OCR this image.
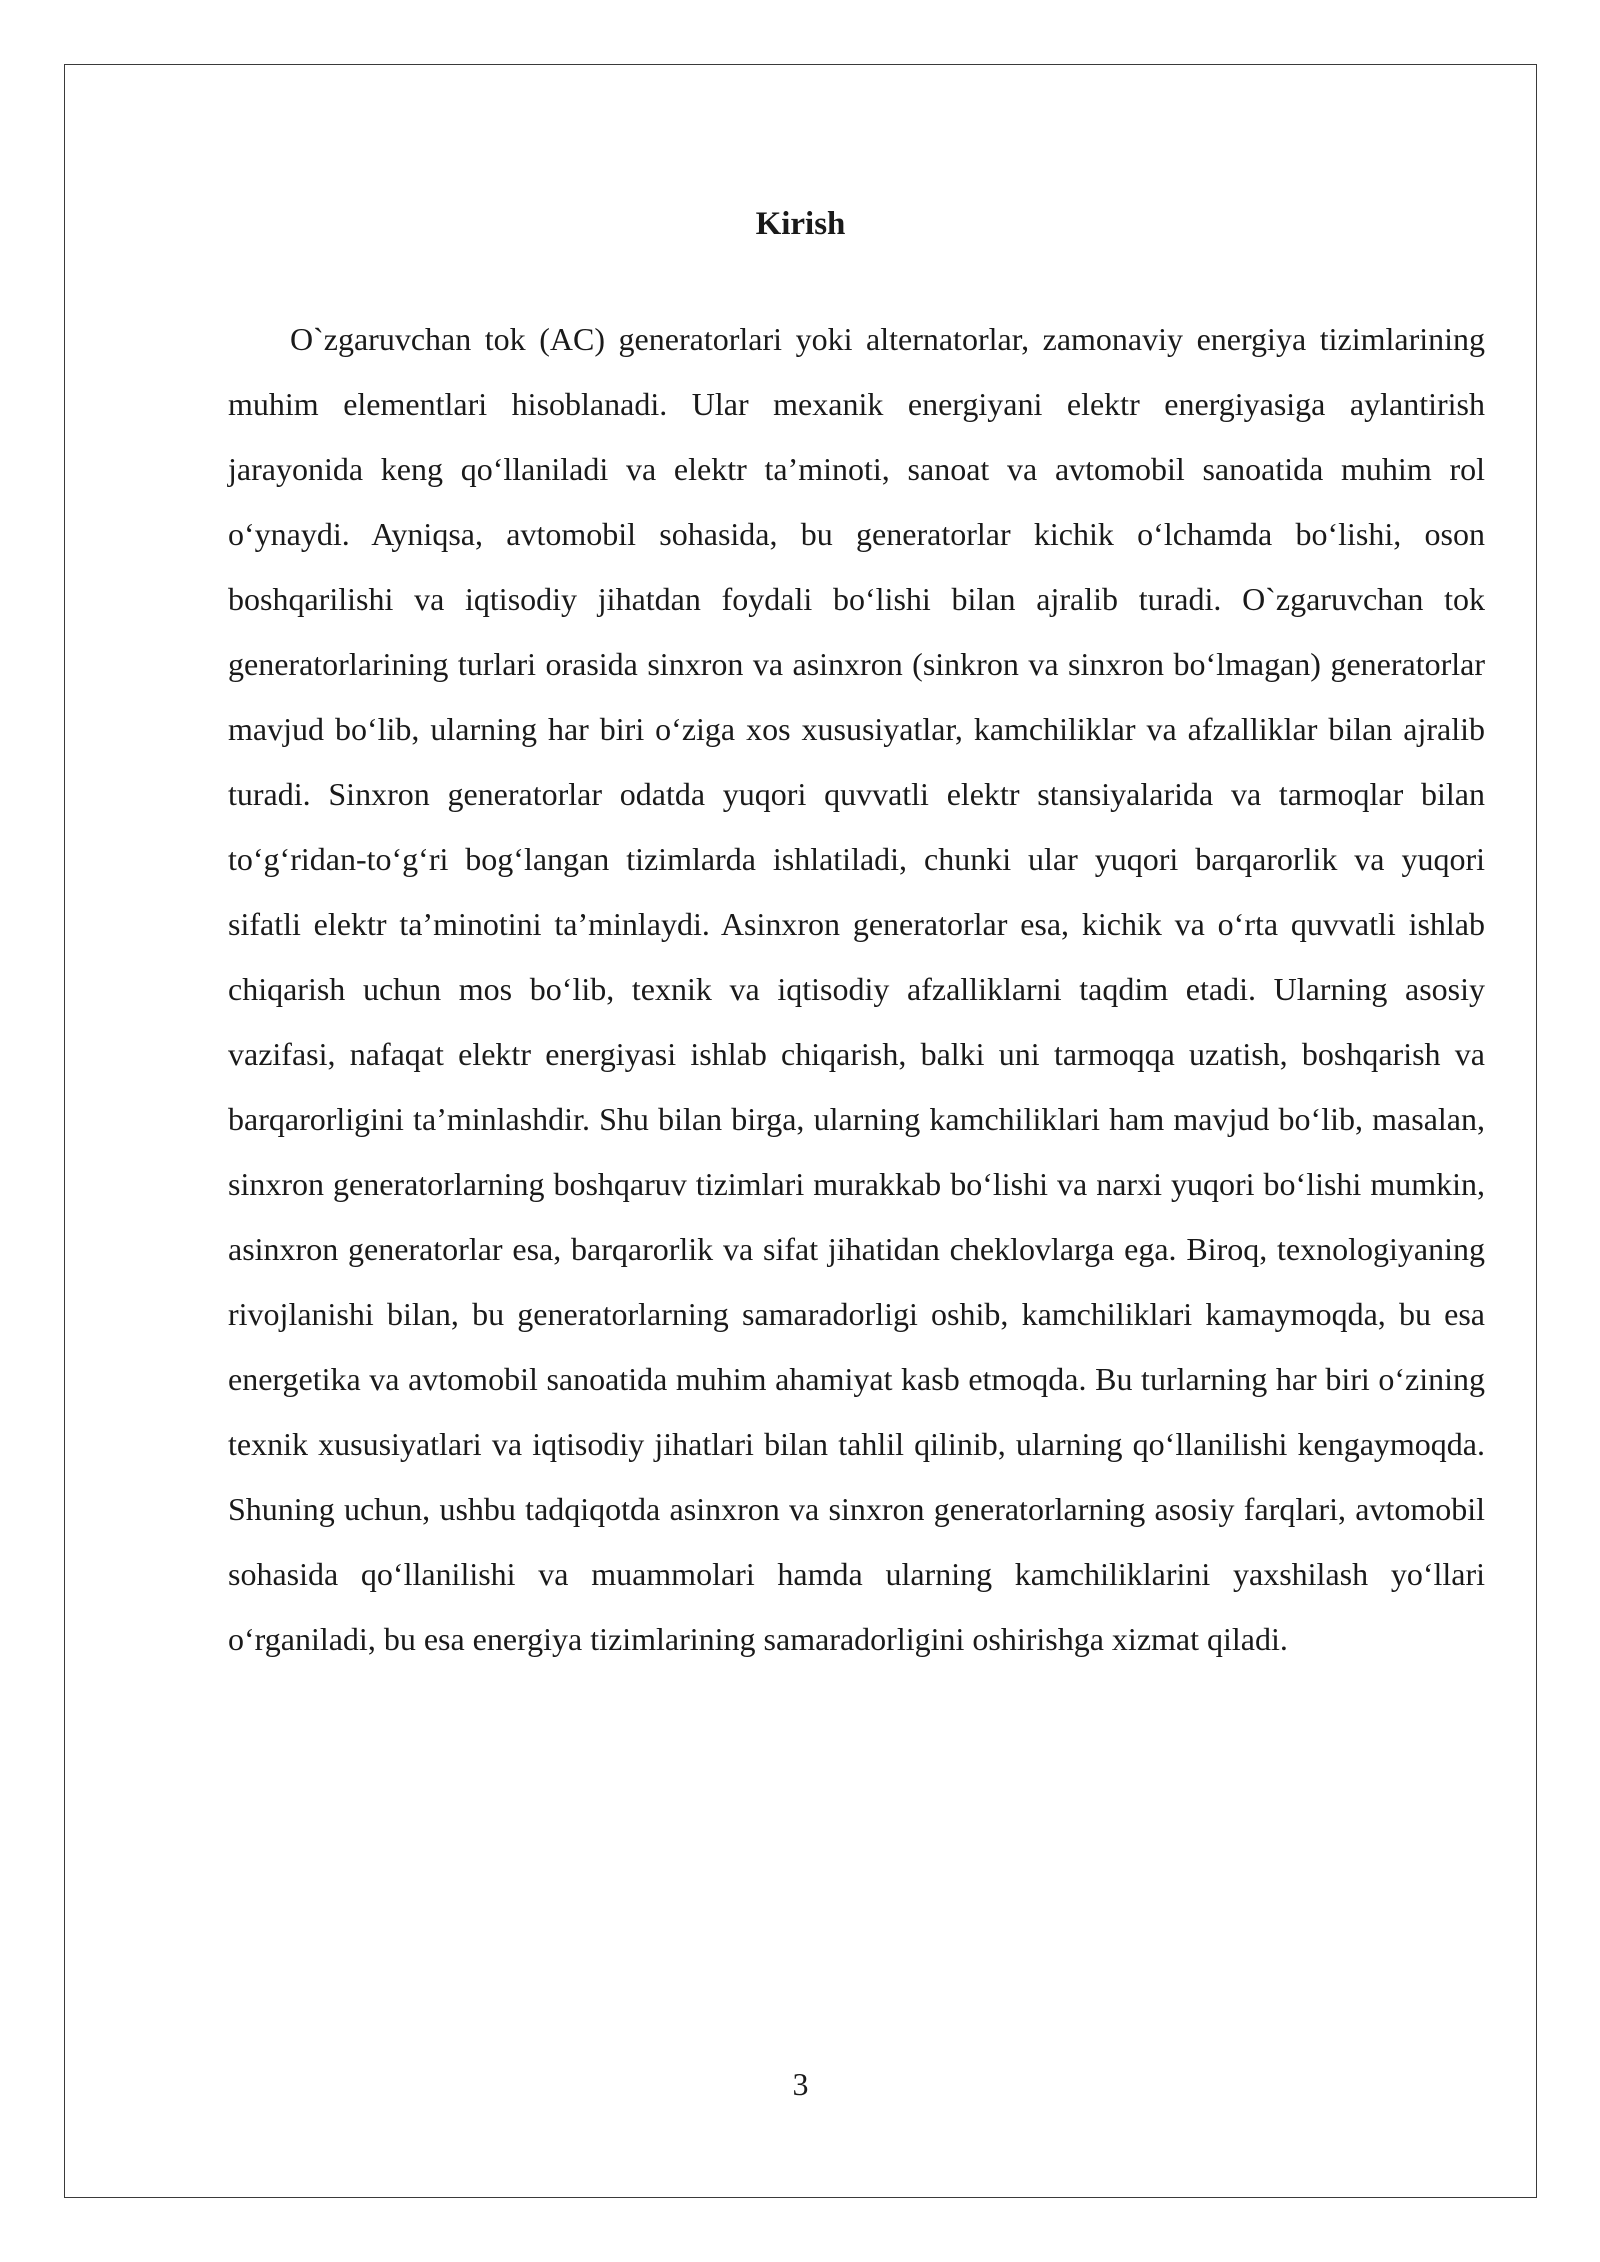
Kirish

O`zgaruvchan tok (AC) generatorlari yoki alternatorlar, zamonaviy energiya tizimlarining muhim elementlari hisoblanadi. Ular mexanik energiyani elektr energiyasiga aylantirish jarayonida keng qo‘llaniladi va elektr ta’minoti, sanoat va avtomobil sanoatida muhim rol o‘ynaydi. Ayniqsa, avtomobil sohasida, bu generatorlar kichik o‘lchamda bo‘lishi, oson boshqarilishi va iqtisodiy jihatdan foydali bo‘lishi bilan ajralib turadi. O`zgaruvchan tok generatorlarining turlari orasida sinxron va asinxron (sinkron va sinxron bo‘lmagan) generatorlar mavjud bo‘lib, ularning har biri o‘ziga xos xususiyatlar, kamchiliklar va afzalliklar bilan ajralib turadi. Sinxron generatorlar odatda yuqori quvvatli elektr stansiyalarida va tarmoqlar bilan to‘g‘ridan-to‘g‘ri bog‘langan tizimlarda ishlatiladi, chunki ular yuqori barqarorlik va yuqori sifatli elektr ta’minotini ta’minlaydi. Asinxron generatorlar esa, kichik va o‘rta quvvatli ishlab chiqarish uchun mos bo‘lib, texnik va iqtisodiy afzalliklarni taqdim etadi. Ularning asosiy vazifasi, nafaqat elektr energiyasi ishlab chiqarish, balki uni tarmoqqa uzatish, boshqarish va barqarorligini ta’minlashdir. Shu bilan birga, ularning kamchiliklari ham mavjud bo‘lib, masalan, sinxron generatorlarning boshqaruv tizimlari murakkab bo‘lishi va narxi yuqori bo‘lishi mumkin, asinxron generatorlar esa, barqarorlik va sifat jihatidan cheklovlarga ega. Biroq, texnologiyaning rivojlanishi bilan, bu generatorlarning samaradorligi oshib, kamchiliklari kamaymoqda, bu esa energetika va avtomobil sanoatida muhim ahamiyat kasb etmoqda. Bu turlarning har biri o‘zining texnik xususiyatlari va iqtisodiy jihatlari bilan tahlil qilinib, ularning qo‘llanilishi kengaymoqda. Shuning uchun, ushbu tadqiqotda asinxron va sinxron generatorlarning asosiy farqlari, avtomobil sohasida qo‘llanilishi va muammolari hamda ularning kamchiliklarini yaxshilash yo‘llari o‘rganiladi, bu esa energiya tizimlarining samaradorligini oshirishga xizmat qiladi.

3
